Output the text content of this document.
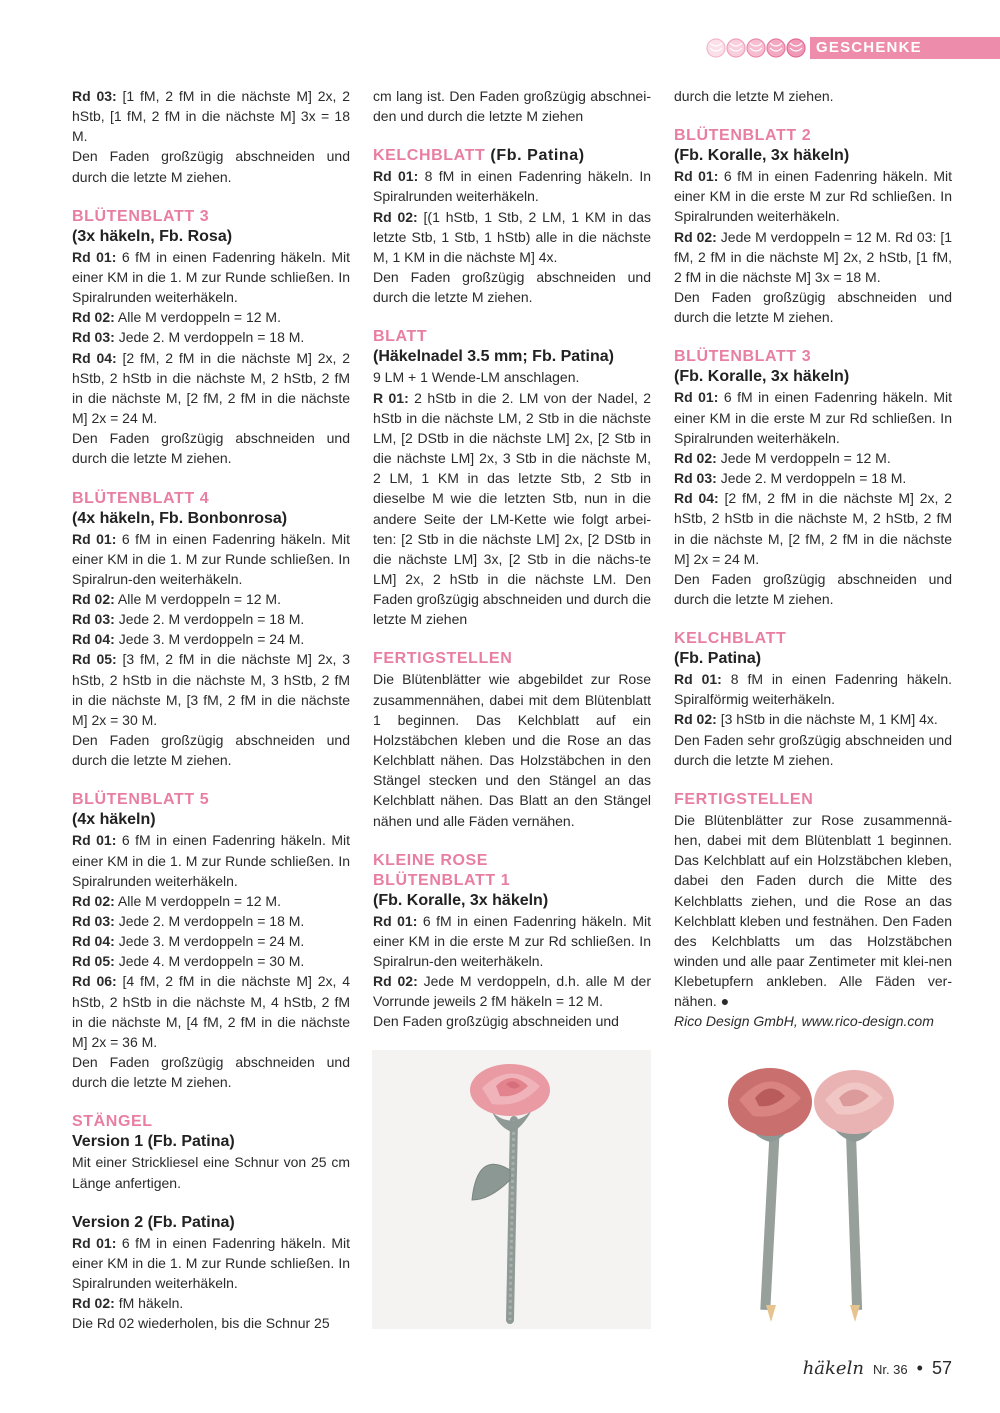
GESCHENKE

Rd 03: [1 fM, 2 fM in die nächste M] 2x, 2 hStb, [1 fM, 2 fM in die nächste M] 3x = 18 M.

Den Faden großzügig abschneiden und durch die letzte M ziehen.

BLÜTENBLATT 3

(3x häkeln, Fb. Rosa)

Rd 01: 6 fM in einen Fadenring häkeln. Mit einer KM in die 1. M zur Runde schließen. In Spiralrunden weiterhäkeln.

Rd 02: Alle M verdoppeln = 12 M.

Rd 03: Jede 2. M verdoppeln = 18 M.

Rd 04: [2 fM, 2 fM in die nächste M] 2x, 2 hStb, 2 hStb in die nächste M, 2 hStb, 2 fM in die nächste M, [2 fM, 2 fM in die nächste M] 2x = 24 M.

Den Faden großzügig abschneiden und durch die letzte M ziehen.

BLÜTENBLATT 4

(4x häkeln, Fb. Bonbonrosa)

Rd 01: 6 fM in einen Fadenring häkeln. Mit einer KM in die 1. M zur Runde schließen. In Spiralrun-den weiterhäkeln.

Rd 02: Alle M verdoppeln = 12 M.

Rd 03: Jede 2. M verdoppeln = 18 M.

Rd 04: Jede 3. M verdoppeln = 24 M.

Rd 05: [3 fM, 2 fM in die nächste M] 2x, 3 hStb, 2 hStb in die nächste M, 3 hStb, 2 fM in die nächste M, [3 fM, 2 fM in die nächste M] 2x = 30 M.

Den Faden großzügig abschneiden und durch die letzte M ziehen.

BLÜTENBLATT 5

(4x häkeln)

Rd 01: 6 fM in einen Fadenring häkeln. Mit einer KM in die 1. M zur Runde schließen. In Spiralrunden weiterhäkeln.

Rd 02: Alle M verdoppeln = 12 M.

Rd 03: Jede 2. M verdoppeln = 18 M.

Rd 04: Jede 3. M verdoppeln = 24 M.

Rd 05: Jede 4. M verdoppeln = 30 M.

Rd 06: [4 fM, 2 fM in die nächste M] 2x, 4 hStb, 2 hStb in die nächste M, 4 hStb, 2 fM in die nächste M, [4 fM, 2 fM in die nächste M] 2x = 36 M.

Den Faden großzügig abschneiden und durch die letzte M ziehen.

STÄNGEL

Version 1 (Fb. Patina)

Mit einer Strickliesel eine Schnur von 25 cm Länge anfertigen.

Version 2 (Fb. Patina)

Rd 01: 6 fM in einen Fadenring häkeln. Mit einer KM in die 1. M zur Runde schließen. In Spiralrunden weiterhäkeln.

Rd 02: fM häkeln.

Die Rd 02 wiederholen, bis die Schnur 25

cm lang ist. Den Faden großzügig abschnei-den und durch die letzte M ziehen

KELCHBLATT (Fb. Patina)

Rd 01: 8 fM in einen Fadenring häkeln. In Spiralrunden weiterhäkeln.

Rd 02: [(1 hStb, 1 Stb, 2 LM, 1 KM in das letzte Stb, 1 Stb, 1 hStb) alle in die nächste M, 1 KM in die nächste M] 4x.

Den Faden großzügig abschneiden und durch die letzte M ziehen.

BLATT

(Häkelnadel 3.5 mm; Fb. Patina)

9 LM + 1 Wende-LM anschlagen.

R 01: 2 hStb in die 2. LM von der Nadel, 2 hStb in die nächste LM, 2 Stb in die nächste LM, [2 DStb in die nächste LM] 2x, [2 Stb in die nächste LM] 2x, 3 Stb in die nächste M, 2 LM, 1 KM in das letzte Stb, 2 Stb in dieselbe M wie die letzten Stb, nun in die andere Seite der LM-Kette wie folgt arbei-ten: [2 Stb in die nächste LM] 2x, [2 DStb in die nächste LM] 3x, [2 Stb in die nächs-te LM] 2x, 2 hStb in die nächste LM. Den Faden großzügig abschneiden und durch die letzte M ziehen

FERTIGSTELLEN

Die Blütenblätter wie abgebildet zur Rose zusammennähen, dabei mit dem Blütenblatt 1 beginnen. Das Kelchblatt auf ein Holzstäbchen kleben und die Rose an das Kelchblatt nähen. Das Holzstäbchen in den Stängel stecken und den Stängel an das Kelchblatt nähen. Das Blatt an den Stängel nähen und alle Fäden vernähen.

KLEINE ROSE

BLÜTENBLATT 1

(Fb. Koralle, 3x häkeln)

Rd 01: 6 fM in einen Fadenring häkeln. Mit einer KM in die erste M zur Rd schließen. In Spiralrun-den weiterhäkeln.

Rd 02: Jede M verdoppeln, d.h. alle M der Vorrunde jeweils 2 fM häkeln = 12 M.

Den Faden großzügig abschneiden und

durch die letzte M ziehen.

BLÜTENBLATT 2

(Fb. Koralle, 3x häkeln)

Rd 01: 6 fM in einen Fadenring häkeln. Mit einer KM in die erste M zur Rd schließen. In Spiralrunden weiterhäkeln.

Rd 02: Jede M verdoppeln = 12 M. Rd 03: [1 fM, 2 fM in die nächste M] 2x, 2 hStb, [1 fM, 2 fM in die nächste M] 3x = 18 M.

Den Faden großzügig abschneiden und durch die letzte M ziehen.

BLÜTENBLATT 3

(Fb. Koralle, 3x häkeln)

Rd 01: 6 fM in einen Fadenring häkeln. Mit einer KM in die erste M zur Rd schließen. In Spiralrunden weiterhäkeln.

Rd 02: Jede M verdoppeln = 12 M.

Rd 03: Jede 2. M verdoppeln = 18 M.

Rd 04: [2 fM, 2 fM in die nächste M] 2x, 2 hStb, 2 hStb in die nächste M, 2 hStb, 2 fM in die nächste M, [2 fM, 2 fM in die nächste M] 2x = 24 M.

Den Faden großzügig abschneiden und durch die letzte M ziehen.

KELCHBLATT

(Fb. Patina)

Rd 01: 8 fM in einen Fadenring häkeln. Spiralförmig weiterhäkeln.

Rd 02: [3 hStb in die nächste M, 1 KM] 4x.

Den Faden sehr großzügig abschneiden und durch die letzte M ziehen.

FERTIGSTELLEN

Die Blütenblätter zur Rose zusammennä-hen, dabei mit dem Blütenblatt 1 beginnen. Das Kelchblatt auf ein Holzstäbchen kleben, dabei den Faden durch die Mitte des Kelchblatts ziehen, und die Rose an das Kelchblatt kleben und festnähen. Den Faden des Kelchblatts um das Holzstäbchen winden und alle paar Zentimeter mit klei-nen Klebetupfern ankleben. Alle Fäden ver-nähen. ●

Rico Design GmbH, www.rico-design.com

häkeln Nr. 36 • 57
